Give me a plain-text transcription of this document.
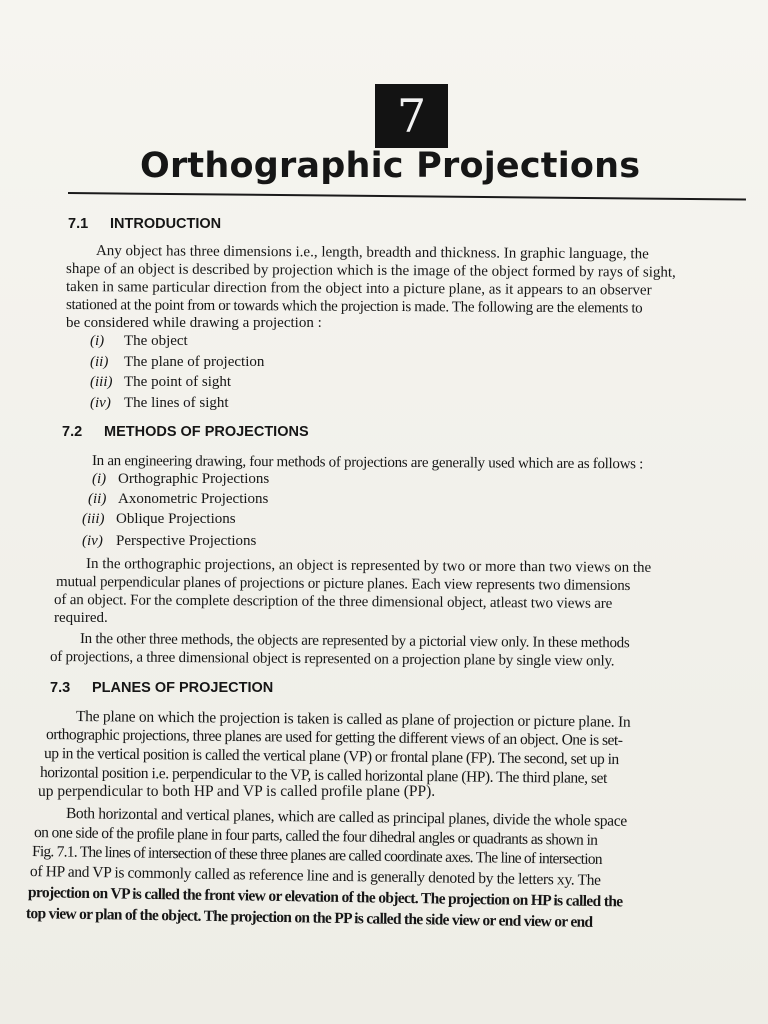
7
Orthographic Projections
7.1 INTRODUCTION
Any object has three dimensions i.e., length, breadth and thickness. In graphic language, the
shape of an object is described by projection which is the image of the object formed by rays of sight,
taken in same particular direction from the object into a picture plane, as it appears to an observer
stationed at the point from or towards which the projection is made. The following are the elements to
be considered while drawing a projection :
(i) The object
(ii) The plane of projection
(iii) The point of sight
(iv) The lines of sight
7.2 METHODS OF PROJECTIONS
In an engineering drawing, four methods of projections are generally used which are as follows :
(i) Orthographic Projections
(ii) Axonometric Projections
(iii) Oblique Projections
(iv) Perspective Projections
In the orthographic projections, an object is represented by two or more than two views on the
mutual perpendicular planes of projections or picture planes. Each view represents two dimensions
of an object. For the complete description of the three dimensional object, atleast two views are
required.
In the other three methods, the objects are represented by a pictorial view only. In these methods
of projections, a three dimensional object is represented on a projection plane by single view only.
7.3 PLANES OF PROJECTION
The plane on which the projection is taken is called as plane of projection or picture plane. In
orthographic projections, three planes are used for getting the different views of an object. One is set-
up in the vertical position is called the vertical plane (VP) or frontal plane (FP). The second, set up in
horizontal position i.e. perpendicular to the VP, is called horizontal plane (HP). The third plane, set
up perpendicular to both HP and VP is called profile plane (PP).
Both horizontal and vertical planes, which are called as principal planes, divide the whole space
on one side of the profile plane in four parts, called the four dihedral angles or quadrants as shown in
Fig. 7.1. The lines of intersection of these three planes are called coordinate axes. The line of intersection
of HP and VP is commonly called as reference line and is generally denoted by the letters xy. The
projection on VP is called the front view or elevation of the object. The projection on HP is called the
top view or plan of the object. The projection on the PP is called the side view or end view or end
